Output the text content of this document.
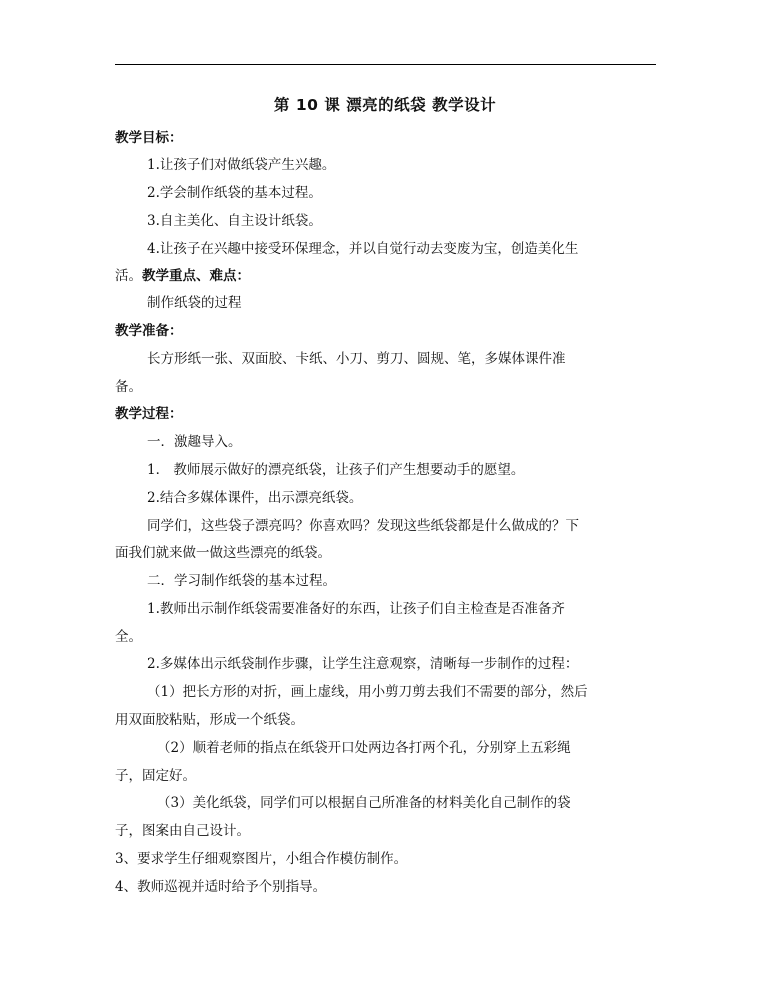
第 10 课 漂亮的纸袋 教学设计
教学目标：
1.让孩子们对做纸袋产生兴趣。
2.学会制作纸袋的基本过程。
3.自主美化、自主设计纸袋。
4.让孩子在兴趣中接受环保理念，并以自觉行动去变废为宝，创造美化生
活。教学重点、难点：
制作纸袋的过程
教学准备：
长方形纸一张、双面胶、卡纸、小刀、剪刀、圆规、笔，多媒体课件准
备。
教学过程：
一．激趣导入。
1． 教师展示做好的漂亮纸袋，让孩子们产生想要动手的愿望。
2.结合多媒体课件，出示漂亮纸袋。
同学们，这些袋子漂亮吗？你喜欢吗？发现这些纸袋都是什么做成的？下
面我们就来做一做这些漂亮的纸袋。
二．学习制作纸袋的基本过程。
1.教师出示制作纸袋需要准备好的东西，让孩子们自主检查是否准备齐
全。
2.多媒体出示纸袋制作步骤，让学生注意观察，清晰每一步制作的过程：
（1）把长方形的对折，画上虚线，用小剪刀剪去我们不需要的部分，然后
用双面胶粘贴，形成一个纸袋。
（2）顺着老师的指点在纸袋开口处两边各打两个孔，分别穿上五彩绳
子，固定好。
（3）美化纸袋，同学们可以根据自己所准备的材料美化自己制作的袋
子，图案由自己设计。
3、要求学生仔细观察图片，小组合作模仿制作。
4、教师巡视并适时给予个别指导。
